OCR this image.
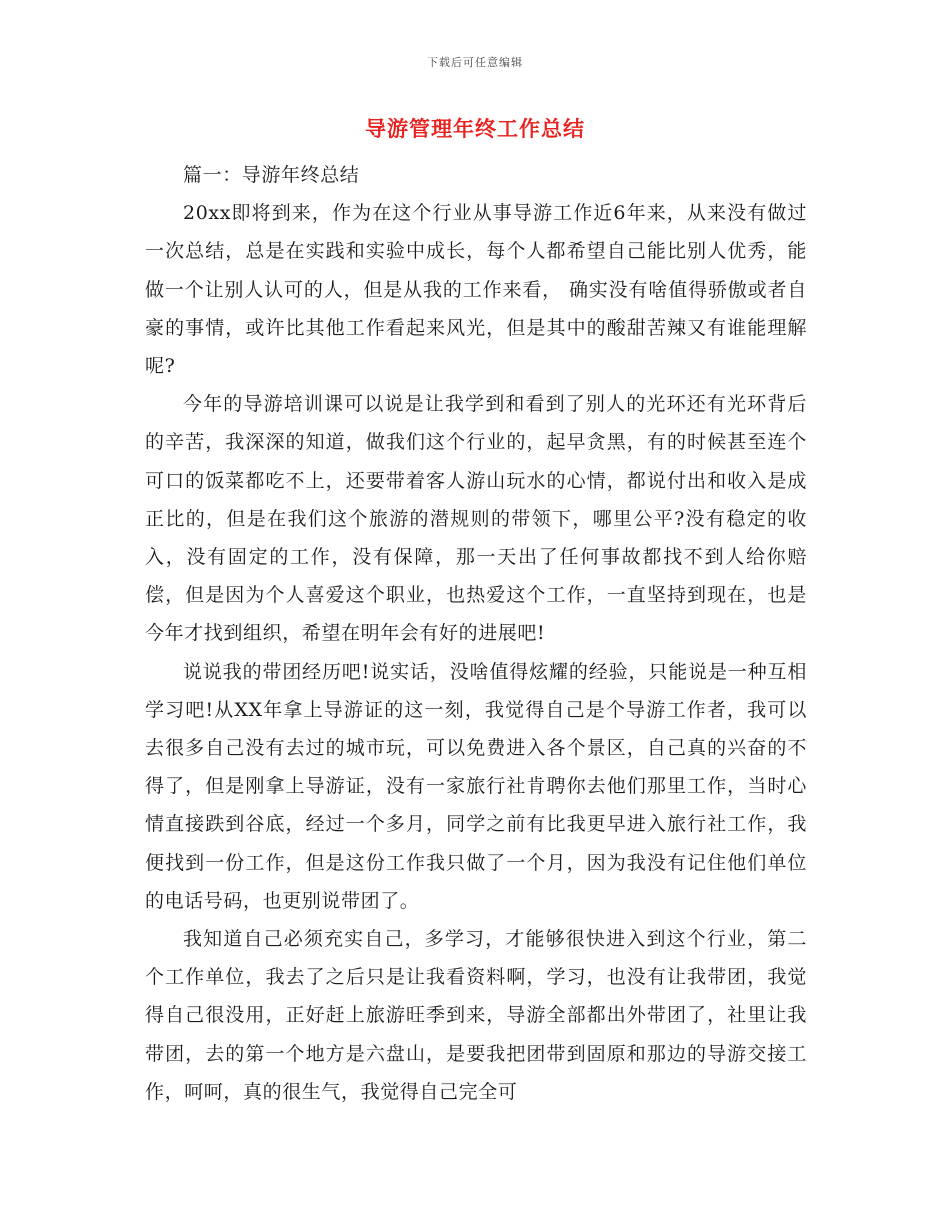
下载后可任意编辑
导游管理年终工作总结

篇一：导游年终总结

20xx即将到来，作为在这个行业从事导游工作近6年来，从来没有做过一次总结，总是在实践和实验中成长，每个人都希望自己能比别人优秀，能做一个让别人认可的人，但是从我的工作来看， 确实没有啥值得骄傲或者自豪的事情，或许比其他工作看起来风光，但是其中的酸甜苦辣又有谁能理解呢?

今年的导游培训课可以说是让我学到和看到了别人的光环还有光环背后的辛苦，我深深的知道，做我们这个行业的，起早贪黑，有的时候甚至连个可口的饭菜都吃不上，还要带着客人游山玩水的心情，都说付出和收入是成正比的，但是在我们这个旅游的潜规则的带领下，哪里公平?没有稳定的收入，没有固定的工作，没有保障，那一天出了任何事故都找不到人给你赔偿，但是因为个人喜爱这个职业，也热爱这个工作，一直坚持到现在，也是今年才找到组织，希望在明年会有好的进展吧!

说说我的带团经历吧!说实话，没啥值得炫耀的经验，只能说是一种互相学习吧!从XX年拿上导游证的这一刻，我觉得自己是个导游工作者，我可以去很多自己没有去过的城市玩，可以免费进入各个景区，自己真的兴奋的不得了，但是刚拿上导游证，没有一家旅行社肯聘你去他们那里工作，当时心情直接跌到谷底，经过一个多月，同学之前有比我更早进入旅行社工作，我便找到一份工作，但是这份工作我只做了一个月，因为我没有记住他们单位的电话号码，也更别说带团了。

我知道自己必须充实自己，多学习，才能够很快进入到这个行业，第二个工作单位，我去了之后只是让我看资料啊，学习，也没有让我带团，我觉得自己很没用，正好赶上旅游旺季到来，导游全部都出外带团了，社里让我带团，去的第一个地方是六盘山，是要我把团带到固原和那边的导游交接工作，呵呵，真的很生气，我觉得自己完全可
